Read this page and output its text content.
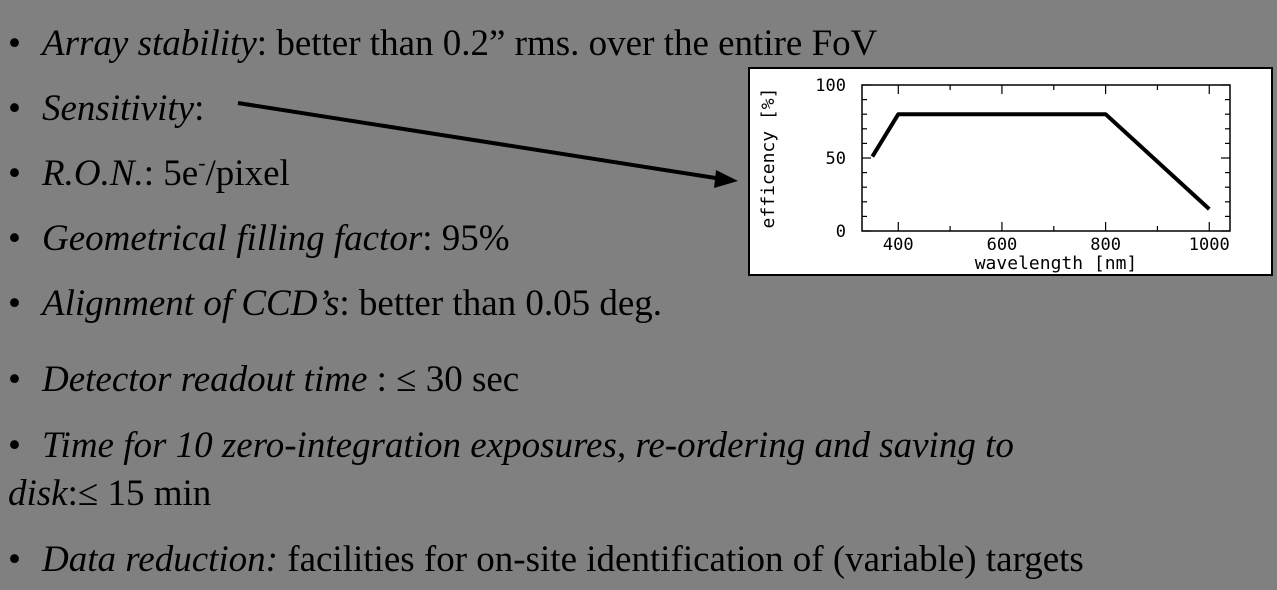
• Array stability: better than 0.2” rms. over the entire FoV
• Sensitivity:
• R.O.N.: 5e-/pixel
• Geometrical filling factor: 95%
• Alignment of CCD’s: better than 0.05 deg.
• Detector readout time : ≤ 30 sec
• Time for 10 zero-integration exposures, re-ordering and saving to
disk:≤ 15 min
• Data reduction: facilities for on-site identification of (variable) targets
400	600	800	1000
0
50
100
wavelength [nm]
efficency [%]
